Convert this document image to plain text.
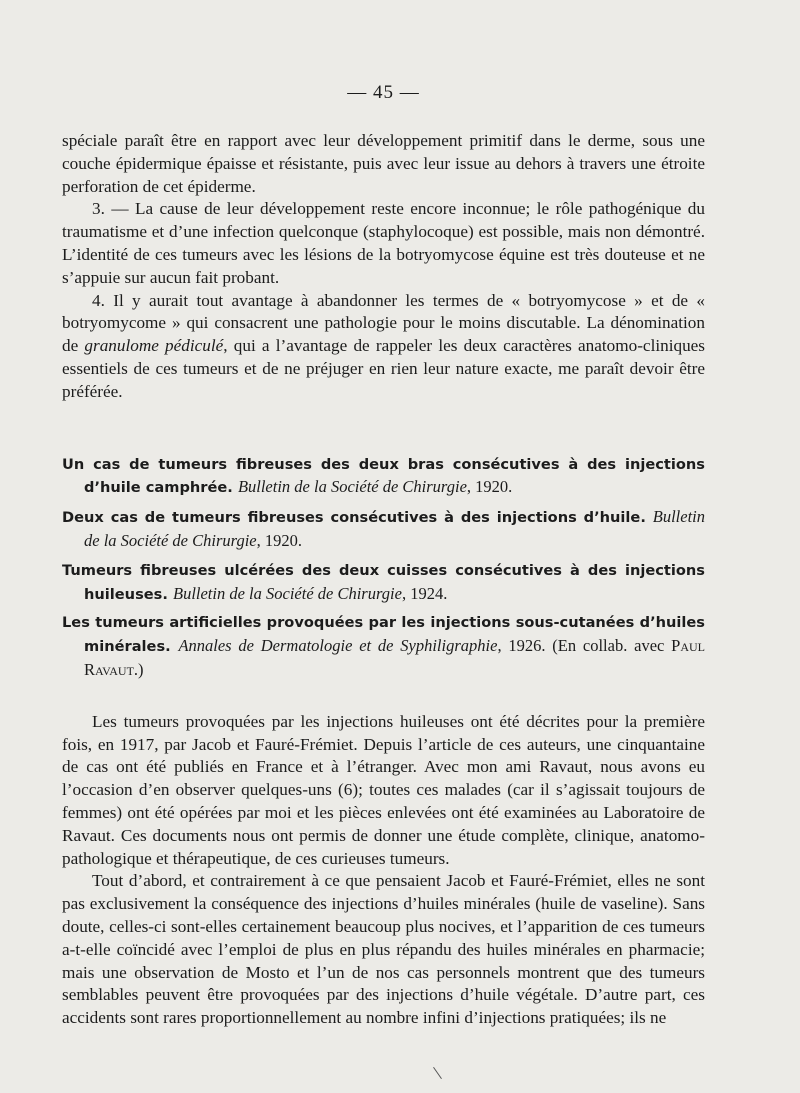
— 45 —

spéciale paraît être en rapport avec leur développement primitif dans le derme, sous une couche épidermique épaisse et résistante, puis avec leur issue au dehors à travers une étroite perforation de cet épiderme.

3. — La cause de leur développement reste encore inconnue; le rôle pathogénique du traumatisme et d’une infection quelconque (staphylocoque) est possible, mais non démontré. L’identité de ces tumeurs avec les lésions de la botryomycose équine est très douteuse et ne s’appuie sur aucun fait probant.

4. Il y aurait tout avantage à abandonner les termes de « botryomycose » et de « botryomycome » qui consacrent une pathologie pour le moins discutable. La dénomination de granulome pédiculé, qui a l’avantage de rappeler les deux caractères anatomo-cliniques essentiels de ces tumeurs et de ne préjuger en rien leur nature exacte, me paraît devoir être préférée.

Un cas de tumeurs fibreuses des deux bras consécutives à des injections d’huile camphrée. Bulletin de la Société de Chirurgie, 1920.
Deux cas de tumeurs fibreuses consécutives à des injections d’huile. Bulletin de la Société de Chirurgie, 1920.
Tumeurs fibreuses ulcérées des deux cuisses consécutives à des injections huileuses. Bulletin de la Société de Chirurgie, 1924.
Les tumeurs artificielles provoquées par les injections sous-cutanées d’huiles minérales. Annales de Dermatologie et de Syphiligraphie, 1926. (En collab. avec Paul Ravaut.)

Les tumeurs provoquées par les injections huileuses ont été décrites pour la première fois, en 1917, par Jacob et Fauré-Frémiet. Depuis l’article de ces auteurs, une cinquantaine de cas ont été publiés en France et à l’étranger. Avec mon ami Ravaut, nous avons eu l’occasion d’en observer quelques-uns (6); toutes ces malades (car il s’agissait toujours de femmes) ont été opérées par moi et les pièces enlevées ont été examinées au Laboratoire de Ravaut. Ces documents nous ont permis de donner une étude complète, clinique, anatomo-pathologique et thérapeutique, de ces curieuses tumeurs.

Tout d’abord, et contrairement à ce que pensaient Jacob et Fauré-Frémiet, elles ne sont pas exclusivement la conséquence des injections d’huiles minérales (huile de vaseline). Sans doute, celles-ci sont-elles certainement beaucoup plus nocives, et l’apparition de ces tumeurs a-t-elle coïncidé avec l’emploi de plus en plus répandu des huiles minérales en pharmacie; mais une observation de Mosto et l’un de nos cas personnels montrent que des tumeurs semblables peuvent être provoquées par des injections d’huile végétale. D’autre part, ces accidents sont rares proportionnellement au nombre infini d’injections pratiquées; ils ne
